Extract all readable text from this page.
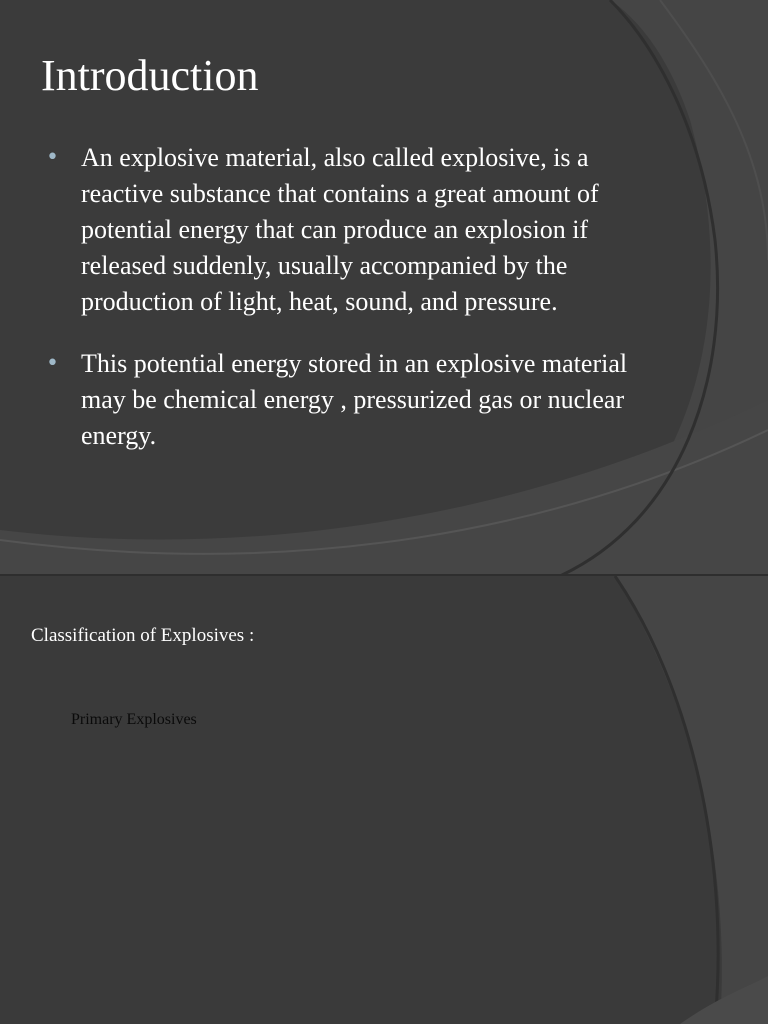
Introduction
• An explosive material, also called explosive, is a reactive substance that contains a great amount of potential energy that can produce an explosion if released suddenly, usually accompanied by the production of light, heat, sound, and pressure.
• This potential energy stored in an explosive material may be chemical energy , pressurized gas or nuclear energy.
Classification of Explosives :

Primary Explosives
